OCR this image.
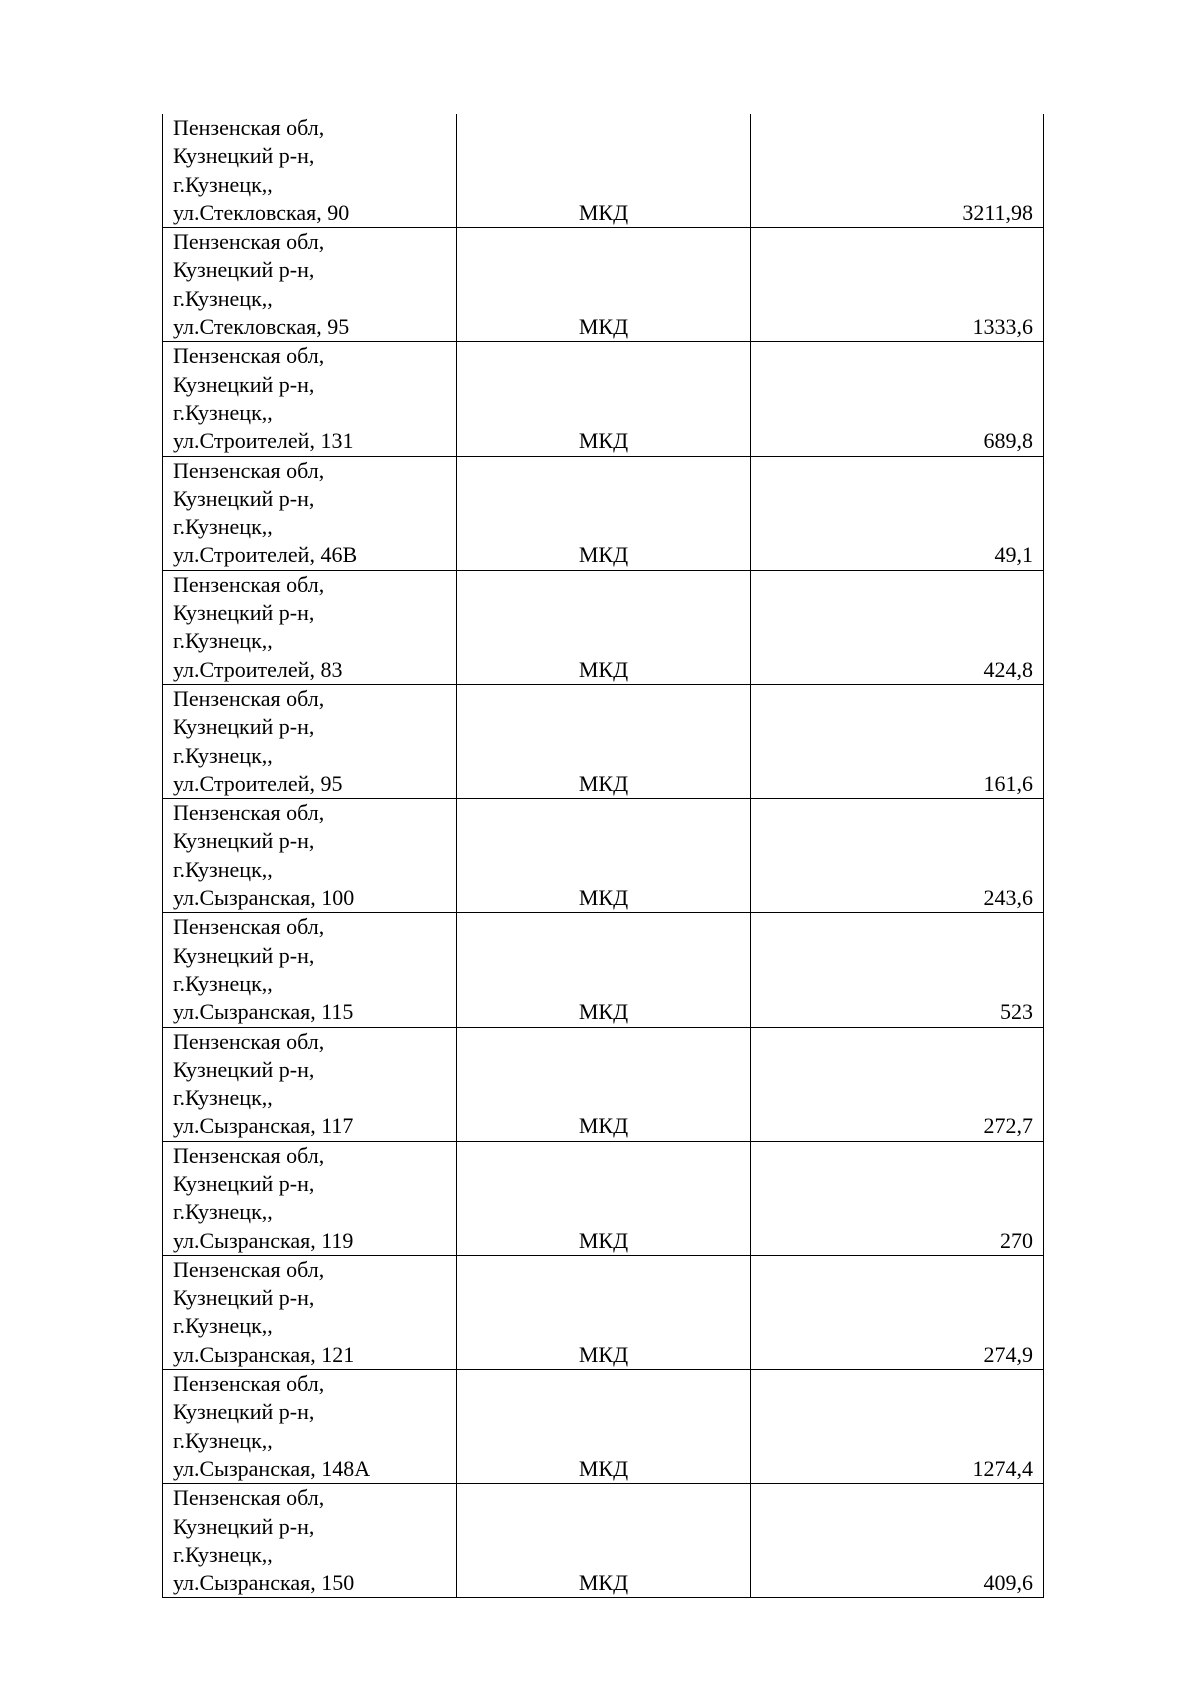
Пензенская обл,
Кузнецкий р-н,
г.Кузнецк,,
ул.Стекловская, 90	МКД	3211,98

Пензенская обл,
Кузнецкий р-н,
г.Кузнецк,,
ул.Стекловская, 95	МКД	1333,6

Пензенская обл,
Кузнецкий р-н,
г.Кузнецк,,
ул.Строителей, 131	МКД	689,8

Пензенская обл,
Кузнецкий р-н,
г.Кузнецк,,
ул.Строителей, 46В	МКД	49,1

Пензенская обл,
Кузнецкий р-н,
г.Кузнецк,,
ул.Строителей, 83	МКД	424,8

Пензенская обл,
Кузнецкий р-н,
г.Кузнецк,,
ул.Строителей, 95	МКД	161,6

Пензенская обл,
Кузнецкий р-н,
г.Кузнецк,,
ул.Сызранская, 100	МКД	243,6

Пензенская обл,
Кузнецкий р-н,
г.Кузнецк,,
ул.Сызранская, 115	МКД	523

Пензенская обл,
Кузнецкий р-н,
г.Кузнецк,,
ул.Сызранская, 117	МКД	272,7

Пензенская обл,
Кузнецкий р-н,
г.Кузнецк,,
ул.Сызранская, 119	МКД	270

Пензенская обл,
Кузнецкий р-н,
г.Кузнецк,,
ул.Сызранская, 121	МКД	274,9

Пензенская обл,
Кузнецкий р-н,
г.Кузнецк,,
ул.Сызранская, 148А	МКД	1274,4

Пензенская обл,
Кузнецкий р-н,
г.Кузнецк,,
ул.Сызранская, 150	МКД	409,6
